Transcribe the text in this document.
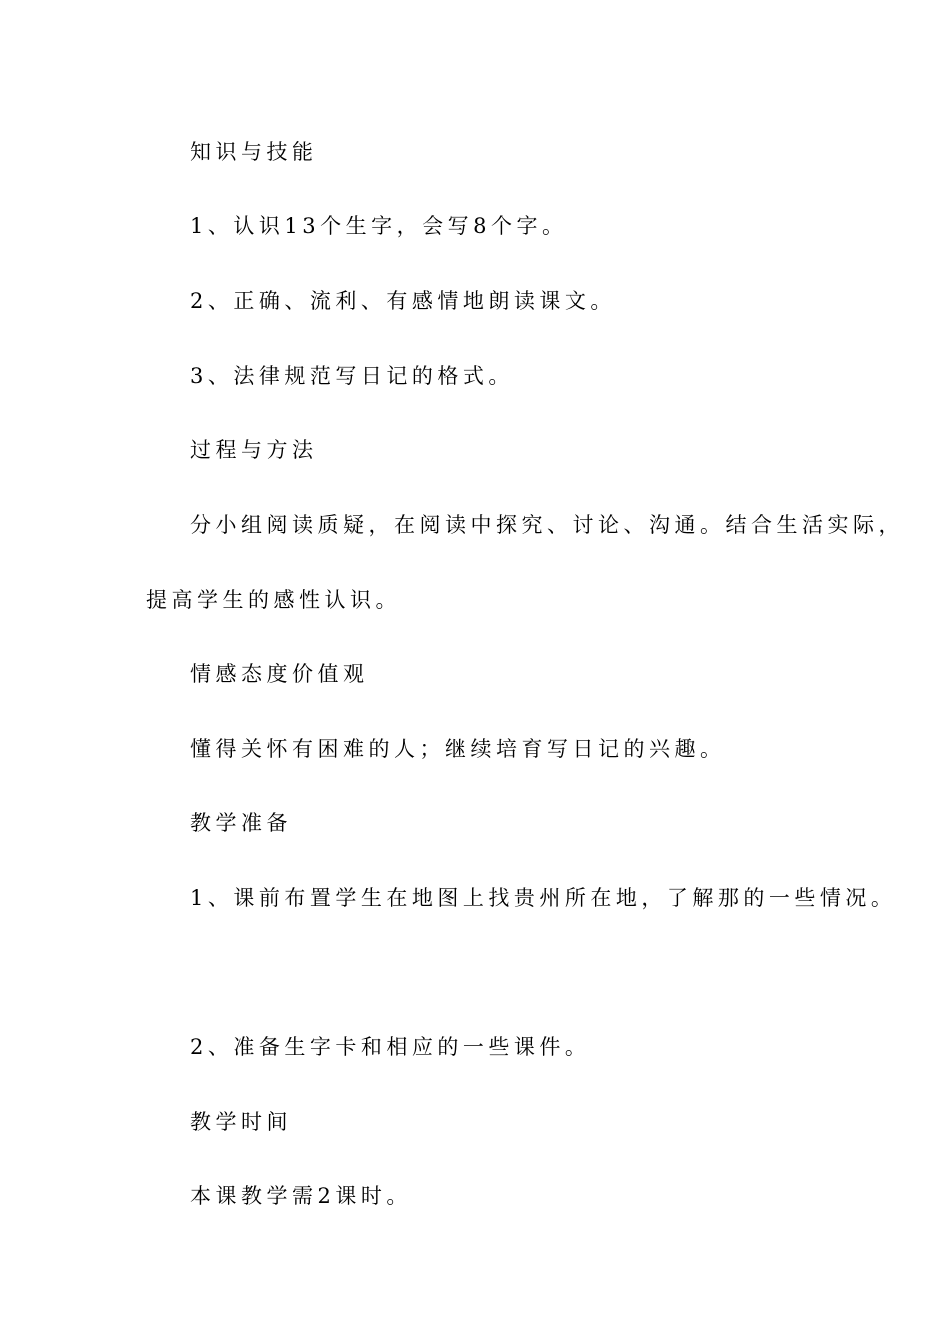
知识与技能
1、认识13个生字，会写8个字。
2、正确、流利、有感情地朗读课文。
3、法律规范写日记的格式。
过程与方法
分小组阅读质疑，在阅读中探究、讨论、沟通。结合生活实际，
提高学生的感性认识。
情感态度价值观
懂得关怀有困难的人；继续培育写日记的兴趣。
教学准备
1、课前布置学生在地图上找贵州所在地，了解那的一些情况。
2、准备生字卡和相应的一些课件。
教学时间
本课教学需2课时。
